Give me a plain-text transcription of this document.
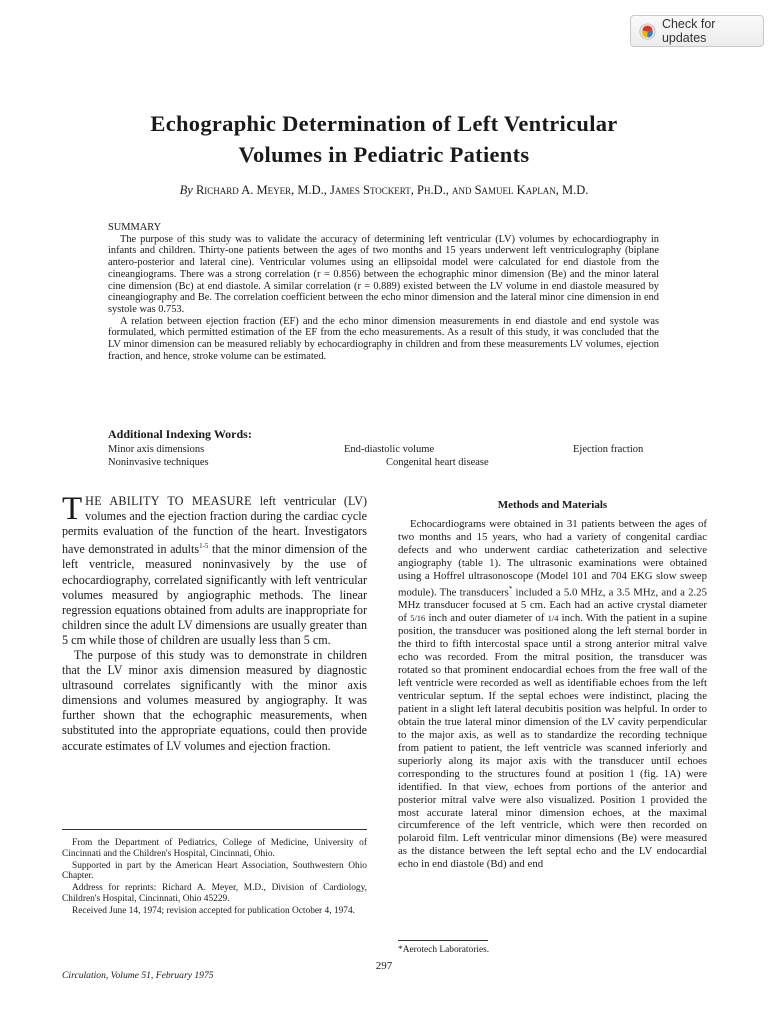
Check for updates
Echographic Determination of Left Ventricular
Volumes in Pediatric Patients
By Richard A. Meyer, M.D., James Stockert, Ph.D., and Samuel Kaplan, M.D.
SUMMARY

The purpose of this study was to validate the accuracy of determining left ventricular (LV) volumes by echocardiography in infants and children. Thirty-one patients between the ages of two months and 15 years underwent left ventriculography (biplane antero-posterior and lateral cine). Ventricular volumes using an ellipsoidal model were calculated for end diastole from the cineangiograms. There was a strong correlation (r = 0.856) between the echographic minor dimension (Be) and the minor lateral cine dimension (Bc) at end diastole. A similar correlation (r = 0.889) existed between the LV volume in end diastole measured by cineangiography and Be. The correlation coefficient between the echo minor dimension and the lateral minor cine dimension in end systole was 0.753.

A relation between ejection fraction (EF) and the echo minor dimension measurements in end diastole and end systole was formulated, which permitted estimation of the EF from the echo measurements. As a result of this study, it was concluded that the LV minor dimension can be measured reliably by echocardiography in children and from these measurements LV volumes, ejection fraction, and hence, stroke volume can be estimated.

Additional Indexing Words:
Minor axis dimensions	End-diastolic volume	Ejection fraction
Noninvasive techniques	Congenital heart disease

THE ABILITY TO MEASURE left ventricular (LV) volumes and the ejection fraction during the cardiac cycle permits evaluation of the function of the heart. Investigators have demonstrated in adults$^{1-5}$ that the minor dimension of the left ventricle, measured noninvasively by the use of echocardiography, correlated significantly with left ventricular volumes measured by angiographic methods. The linear regression equations obtained from adults are inappropriate for children since the adult LV dimensions are usually greater than 5 cm while those of children are usually less than 5 cm.

The purpose of this study was to demonstrate in children that the LV minor axis dimension measured by diagnostic ultrasound correlates significantly with the minor axis dimensions and volumes measured by angiography. It was further shown that the echographic measurements, when substituted into the appropriate equations, could then provide accurate estimates of LV volumes and ejection fraction.

From the Department of Pediatrics, College of Medicine, University of Cincinnati and the Children's Hospital, Cincinnati, Ohio.

Supported in part by the American Heart Association, Southwestern Ohio Chapter.

Address for reprints: Richard A. Meyer, M.D., Division of Cardiology, Children's Hospital, Cincinnati, Ohio 45229.

Received June 14, 1974; revision accepted for publication October 4, 1974.

Methods and Materials

Echocardiograms were obtained in 31 patients between the ages of two months and 15 years, who had a variety of congenital cardiac defects and who underwent cardiac catheterization and selective angiography (table 1). The ultrasonic examinations were obtained using a Hoffrel ultrasonoscope (Model 101 and 704 EKG slow sweep module). The transducers* included a 5.0 MHz, a 3.5 MHz, and a 2.25 MHz transducer focused at 5 cm. Each had an active crystal diameter of 5/16 inch and outer diameter of 1/4 inch. With the patient in a supine position, the transducer was positioned along the left sternal border in the third to fifth intercostal space until a strong anterior mitral valve echo was recorded. From the mitral position, the transducer was rotated so that prominent endocardial echoes from the free wall of the left ventricle were recorded as well as identifiable echoes from the left ventricular septum. If the septal echoes were indistinct, placing the patient in a slight left lateral decubitis position was helpful. In order to obtain the true lateral minor dimension of the LV cavity perpendicular to the major axis, as well as to standardize the recording technique from patient to patient, the left ventricle was scanned inferiorly and superiorly along its major axis with the transducer until echoes corresponding to the structures found at position 1 (fig. 1A) were identified. In that view, echoes from portions of the anterior and posterior mitral valve were also visualized. Position 1 provided the most accurate lateral minor dimension echoes, at the maximal circumference of the left ventricle, which were then recorded on polaroid film. Left ventricular minor dimensions (Be) were measured as the distance between the left septal echo and the LV endocardial echo in end diastole (Bd) and end

*Aerotech Laboratories.
297
Circulation, Volume 51, February 1975
